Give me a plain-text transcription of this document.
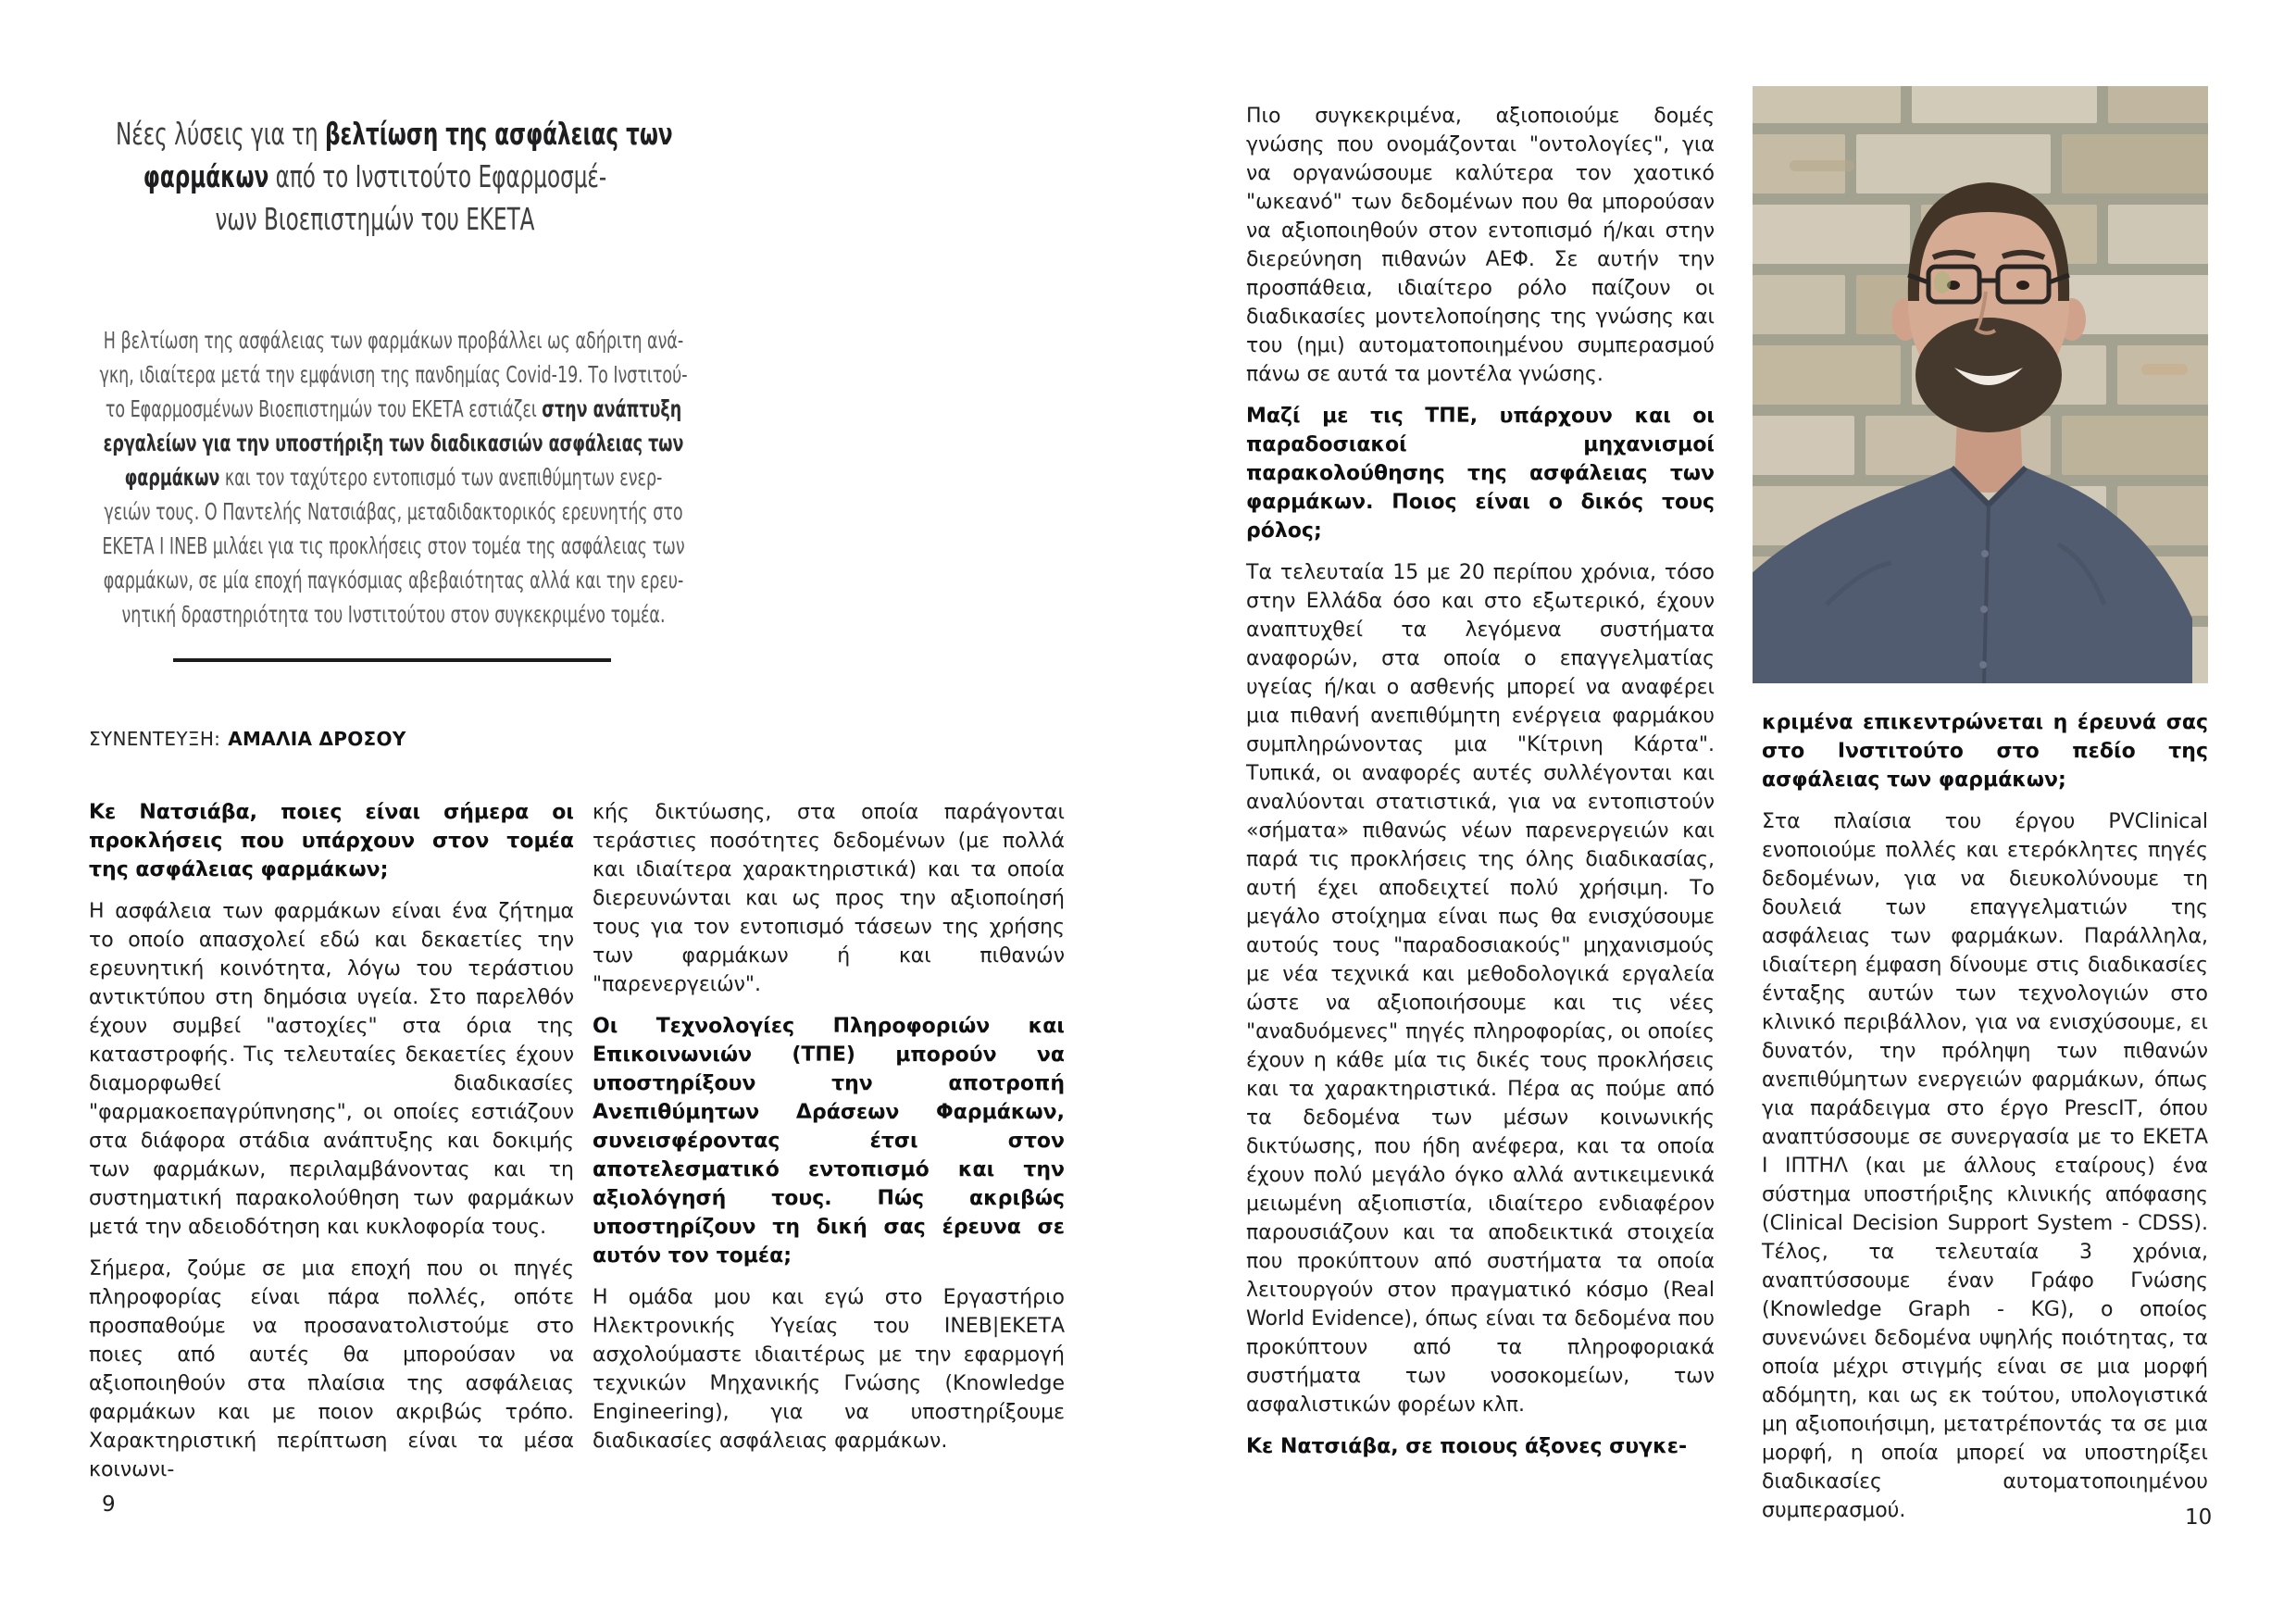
Νέες λύσεις για τη βελτίωση της ασφάλειας των
φαρμάκων από το Ινστιτούτο Εφαρμοσμέ-
νων Βιοεπιστημών του ΕΚΕΤΑ
Η βελτίωση της ασφάλειας των φαρμάκων προβάλλει ως αδήριτη ανά-
γκη, ιδιαίτερα μετά την εμφάνιση της πανδημίας Covid-19. Το Ινστιτού-
το Εφαρμοσμένων Βιοεπιστημών του ΕΚΕΤΑ εστιάζει στην ανάπτυξη
εργαλείων για την υποστήριξη των διαδικασιών ασφάλειας των
φαρμάκων και τον ταχύτερο εντοπισμό των ανεπιθύμητων ενερ-
γειών τους. Ο Παντελής Νατσιάβας, μεταδιδακτορικός ερευνητής στο
ΕΚΕΤΑ Ι ΙΝΕΒ μιλάει για τις προκλήσεις στον τομέα της ασφάλειας των
φαρμάκων, σε μία εποχή παγκόσμιας αβεβαιότητας αλλά και την ερευ-
νητική δραστηριότητα του Ινστιτούτου στον συγκεκριμένο τομέα.
ΣΥΝΕΝΤΕΥΞΗ: ΑΜΑΛΙΑ ΔΡΟΣΟΥ

Κε Νατσιάβα, ποιες είναι σήμερα οι προκλήσεις που υπάρχουν στον τομέα της ασφάλειας φαρμάκων;

Η ασφάλεια των φαρμάκων είναι ένα ζήτημα το οποίο απασχολεί εδώ και δεκαετίες την ερευνητική κοινότητα, λόγω του τεράστιου αντικτύπου στη δημόσια υγεία. Στο παρελθόν έχουν συμβεί "αστοχίες" στα όρια της καταστροφής. Τις τελευταίες δεκαετίες έχουν διαμορφωθεί διαδικασίες "φαρμακοεπαγρύπνησης", οι οποίες εστιάζουν στα διάφορα στάδια ανάπτυξης και δοκιμής των φαρμάκων, περιλαμβάνοντας και τη συστηματική παρακολούθηση των φαρμάκων μετά την αδειοδότηση και κυκλοφορία τους.

Σήμερα, ζούμε σε μια εποχή που οι πηγές πληροφορίας είναι πάρα πολλές, οπότε προσπαθούμε να προσανατολιστούμε στο ποιες από αυτές θα μπορούσαν να αξιοποιηθούν στα πλαίσια της ασφάλειας φαρμάκων και με ποιον ακριβώς τρόπο. Χαρακτηριστική περίπτωση είναι τα μέσα κοινωνι-

κής δικτύωσης, στα οποία παράγονται τεράστιες ποσότητες δεδομένων (με πολλά και ιδιαίτερα χαρακτηριστικά) και τα οποία διερευνώνται και ως προς την αξιοποίησή τους για τον εντοπισμό τάσεων της χρήσης των φαρμάκων ή και πιθανών "παρενεργειών".

Οι Τεχνολογίες Πληροφοριών και Επικοινωνιών (ΤΠΕ) μπορούν να υποστηρίξουν την αποτροπή Ανεπιθύμητων Δράσεων Φαρμάκων, συνεισφέροντας έτσι στον αποτελεσματικό εντοπισμό και την αξιολόγησή τους. Πώς ακριβώς υποστηρίζουν τη δική σας έρευνα σε αυτόν τον τομέα;

Η ομάδα μου και εγώ στο Εργαστήριο Ηλεκτρονικής Υγείας του ΙΝΕΒ|ΕΚΕΤΑ ασχολούμαστε ιδιαιτέρως με την εφαρμογή τεχνικών Μηχανικής Γνώσης (Knowledge Engineering), για να υποστηρίξουμε διαδικασίες ασφάλειας φαρμάκων.

9

Πιο συγκεκριμένα, αξιοποιούμε δομές γνώσης που ονομάζονται "οντολογίες", για να οργανώσουμε καλύτερα τον χαοτικό "ωκεανό" των δεδομένων που θα μπορούσαν να αξιοποιηθούν στον εντοπισμό ή/και στην διερεύνηση πιθανών ΑΕΦ. Σε αυτήν την προσπάθεια, ιδιαίτερο ρόλο παίζουν οι διαδικασίες μοντελοποίησης της γνώσης και του (ημι) αυτοματοποιημένου συμπερασμού πάνω σε αυτά τα μοντέλα γνώσης.

Μαζί με τις ΤΠΕ, υπάρχουν και οι παραδοσιακοί μηχανισμοί παρακολούθησης της ασφάλειας των φαρμάκων. Ποιος είναι ο δικός τους ρόλος;

Τα τελευταία 15 με 20 περίπου χρόνια, τόσο στην Ελλάδα όσο και στο εξωτερικό, έχουν αναπτυχθεί τα λεγόμενα συστήματα αναφορών, στα οποία ο επαγγελματίας υγείας ή/και ο ασθενής μπορεί να αναφέρει μια πιθανή ανεπιθύμητη ενέργεια φαρμάκου συμπληρώνοντας μια "Κίτρινη Κάρτα". Τυπικά, οι αναφορές αυτές συλλέγονται και αναλύονται στατιστικά, για να εντοπιστούν «σήματα» πιθανώς νέων παρενεργειών και παρά τις προκλήσεις της όλης διαδικασίας, αυτή έχει αποδειχτεί πολύ χρήσιμη. Το μεγάλο στοίχημα είναι πως θα ενισχύσουμε αυτούς τους "παραδοσιακούς" μηχανισμούς με νέα τεχνικά και μεθοδολογικά εργαλεία ώστε να αξιοποιήσουμε και τις νέες "αναδυόμενες" πηγές πληροφορίας, οι οποίες έχουν η κάθε μία τις δικές τους προκλήσεις και τα χαρακτηριστικά. Πέρα ας πούμε από τα δεδομένα των μέσων κοινωνικής δικτύωσης, που ήδη ανέφερα, και τα οποία έχουν πολύ μεγάλο όγκο αλλά αντικειμενικά μειωμένη αξιοπιστία, ιδιαίτερο ενδιαφέρον παρουσιάζουν και τα αποδεικτικά στοιχεία που προκύπτουν από συστήματα τα οποία λειτουργούν στον πραγματικό κόσμο (Real World Evidence), όπως είναι τα δεδομένα που προκύπτουν από τα πληροφοριακά συστήματα των νοσοκομείων, των ασφαλιστικών φορέων κλπ.

Κε Νατσιάβα, σε ποιους άξονες συγκε-

κριμένα επικεντρώνεται η έρευνά σας στο Ινστιτούτο στο πεδίο της ασφάλειας των φαρμάκων;

Στα πλαίσια του έργου PVClinical ενοποιούμε πολλές και ετερόκλητες πηγές δεδομένων, για να διευκολύνουμε τη δουλειά των επαγγελματιών της ασφάλειας των φαρμάκων. Παράλληλα, ιδιαίτερη έμφαση δίνουμε στις διαδικασίες ένταξης αυτών των τεχνολογιών στο κλινικό περιβάλλον, για να ενισχύσουμε, ει δυνατόν, την πρόληψη των πιθανών ανεπιθύμητων ενεργειών φαρμάκων, όπως για παράδειγμα στο έργο PrescIT, όπου αναπτύσσουμε σε συνεργασία με το ΕΚΕΤΑ Ι ΙΠΤΗΛ (και με άλλους εταίρους) ένα σύστημα υποστήριξης κλινικής απόφασης (Clinical Decision Support System - CDSS). Τέλος, τα τελευταία 3 χρόνια, αναπτύσσουμε έναν Γράφο Γνώσης (Knowledge Graph - KG), ο οποίος συνενώνει δεδομένα υψηλής ποιότητας, τα οποία μέχρι στιγμής είναι σε μια μορφή αδόμητη, και ως εκ τούτου, υπολογιστικά μη αξιοποιήσιμη, μετατρέποντάς τα σε μια μορφή, η οποία μπορεί να υποστηρίξει διαδικασίες αυτοματοποιημένου συμπερασμού.	10
